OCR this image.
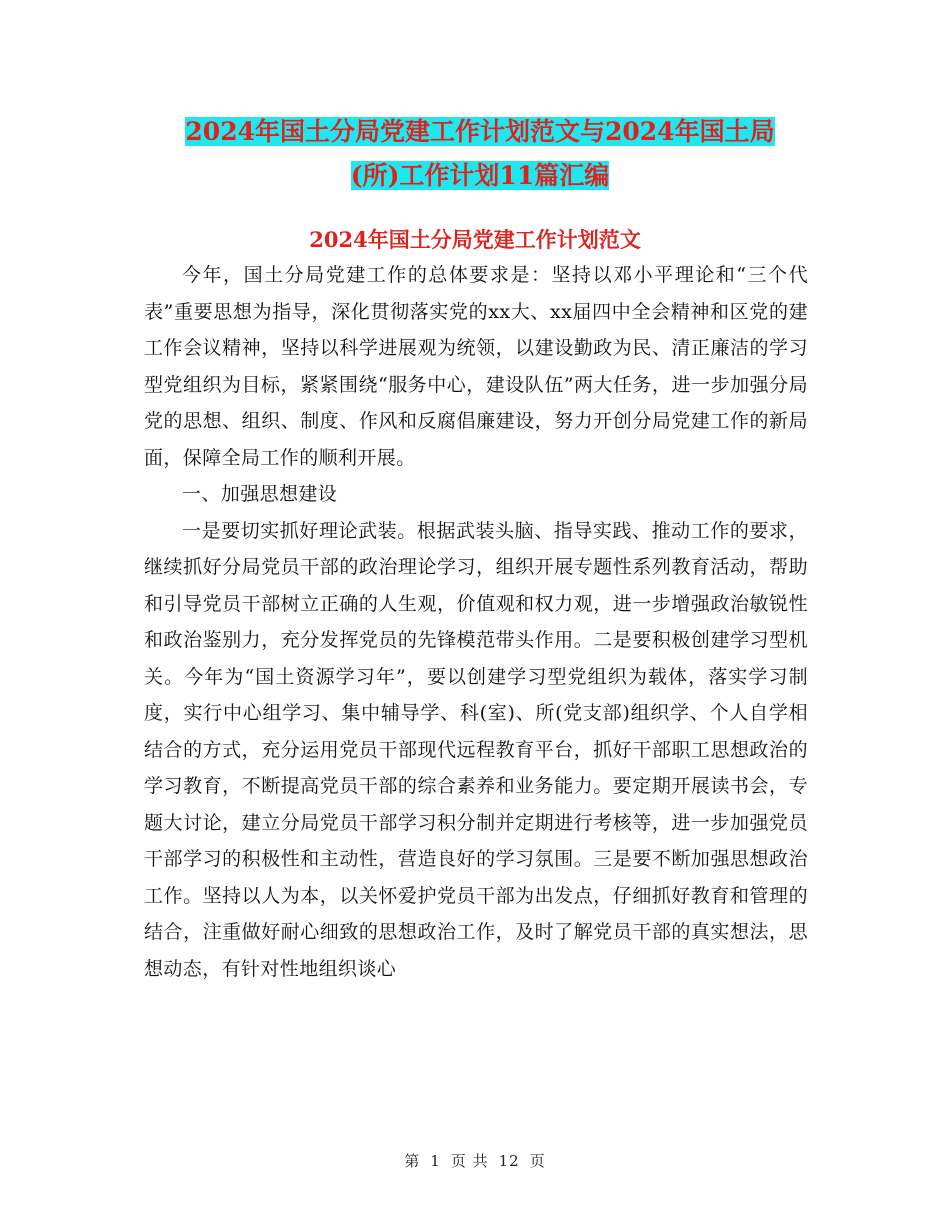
2024年国土分局党建工作计划范文与2024年国土局
(所)工作计划11篇汇编
2024年国土分局党建工作计划范文

今年，国土分局党建工作的总体要求是：坚持以邓小平理论和“三个代表”重要思想为指导，深化贯彻落实党的xx大、xx届四中全会精神和区党的建工作会议精神，坚持以科学进展观为统领，以建设勤政为民、清正廉洁的学习型党组织为目标，紧紧围绕“服务中心，建设队伍”两大任务，进一步加强分局党的思想、组织、制度、作风和反腐倡廉建设，努力开创分局党建工作的新局面，保障全局工作的顺利开展。

一、加强思想建设

一是要切实抓好理论武装。根据武装头脑、指导实践、推动工作的要求，继续抓好分局党员干部的政治理论学习，组织开展专题性系列教育活动，帮助和引导党员干部树立正确的人生观，价值观和权力观，进一步增强政治敏锐性和政治鉴别力，充分发挥党员的先锋模范带头作用。二是要积极创建学习型机关。今年为“国土资源学习年”，要以创建学习型党组织为载体，落实学习制度，实行中心组学习、集中辅导学、科(室)、所(党支部)组织学、个人自学相结合的方式，充分运用党员干部现代远程教育平台，抓好干部职工思想政治的学习教育，不断提高党员干部的综合素养和业务能力。要定期开展读书会，专题大讨论，建立分局党员干部学习积分制并定期进行考核等，进一步加强党员干部学习的积极性和主动性，营造良好的学习氛围。三是要不断加强思想政治工作。坚持以人为本，以关怀爱护党员干部为出发点，仔细抓好教育和管理的结合，注重做好耐心细致的思想政治工作，及时了解党员干部的真实想法，思想动态，有针对性地组织谈心

第 1 页 共 12 页
